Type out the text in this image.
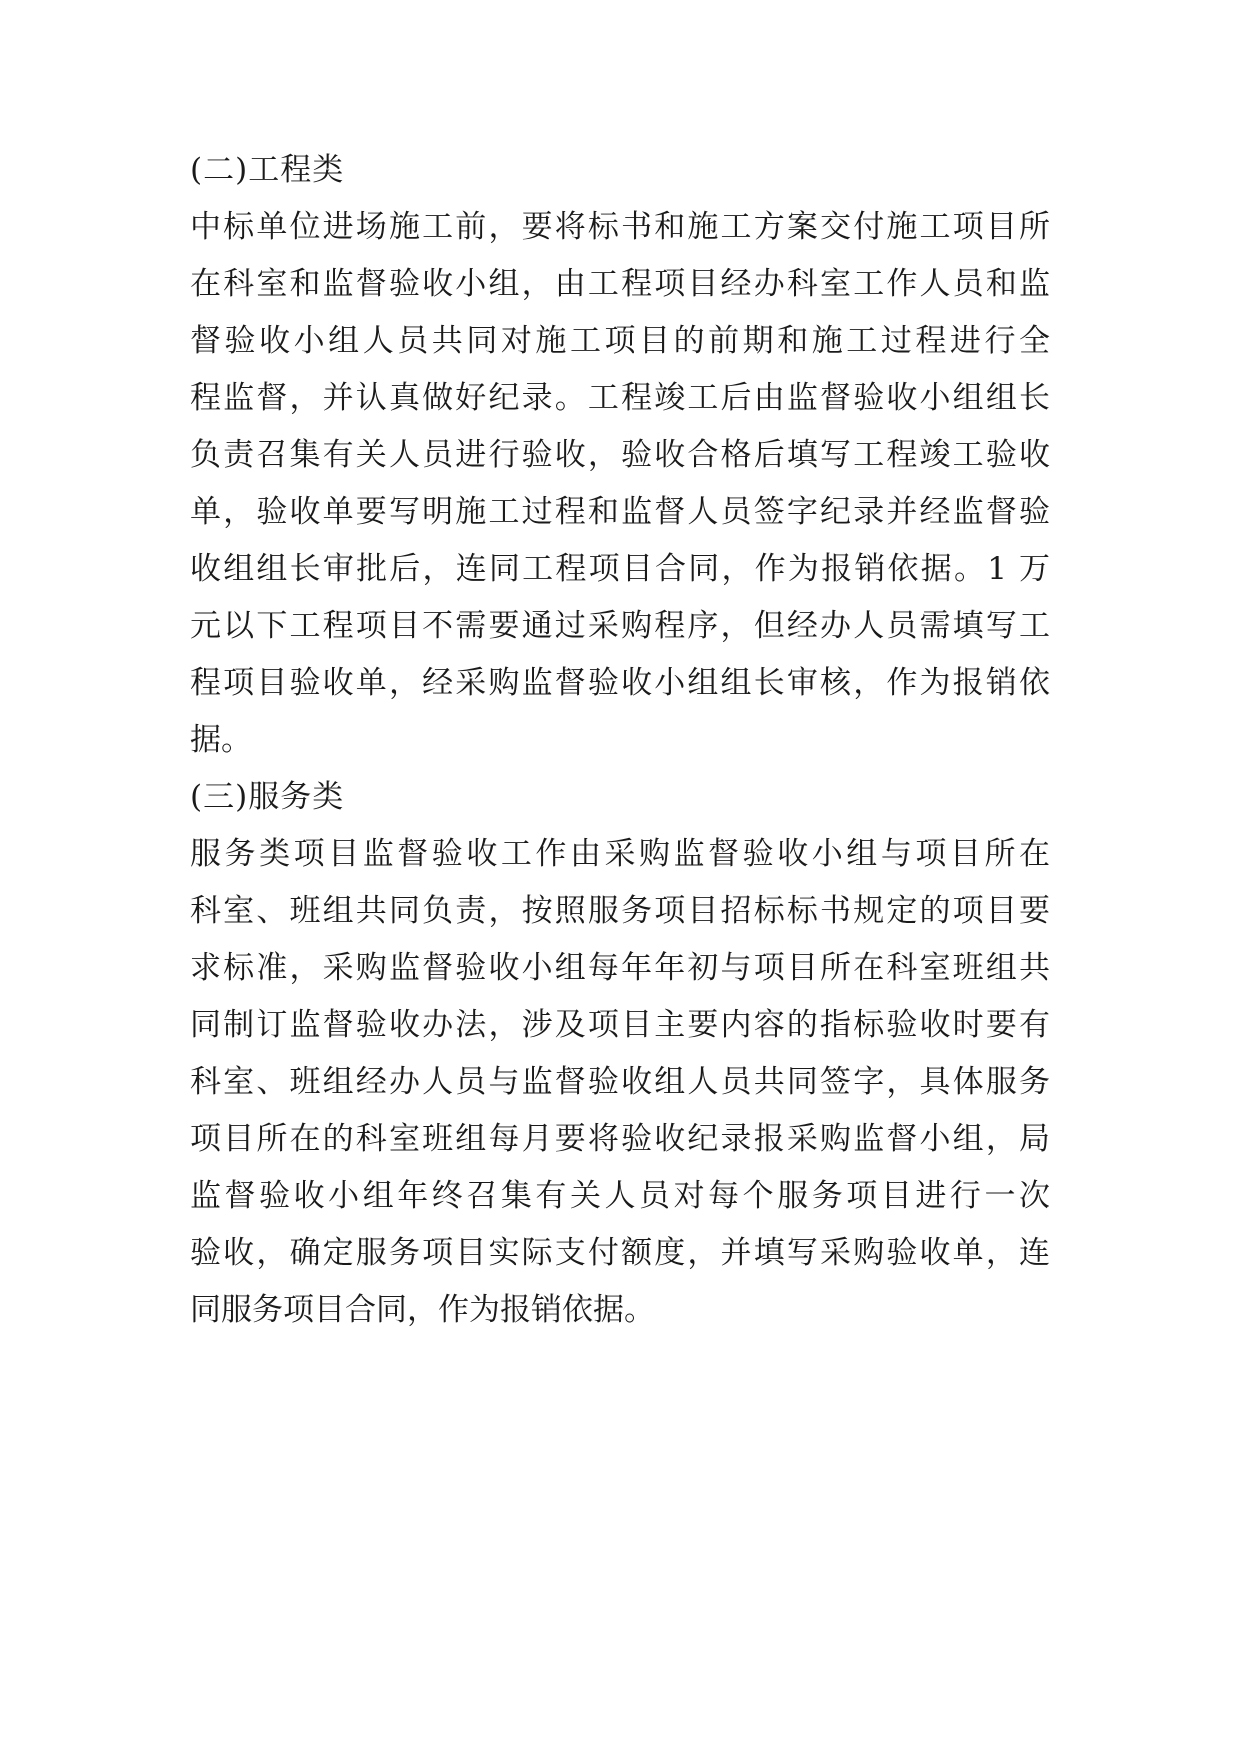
(二)工程类
中标单位进场施工前，要将标书和施工方案交付施工项目所
在科室和监督验收小组，由工程项目经办科室工作人员和监
督验收小组人员共同对施工项目的前期和施工过程进行全
程监督，并认真做好纪录。工程竣工后由监督验收小组组长
负责召集有关人员进行验收，验收合格后填写工程竣工验收
单，验收单要写明施工过程和监督人员签字纪录并经监督验
收组组长审批后，连同工程项目合同，作为报销依据。1 万
元以下工程项目不需要通过采购程序，但经办人员需填写工
程项目验收单，经采购监督验收小组组长审核，作为报销依
据。
(三)服务类
服务类项目监督验收工作由采购监督验收小组与项目所在
科室、班组共同负责，按照服务项目招标标书规定的项目要
求标准，采购监督验收小组每年年初与项目所在科室班组共
同制订监督验收办法，涉及项目主要内容的指标验收时要有
科室、班组经办人员与监督验收组人员共同签字，具体服务
项目所在的科室班组每月要将验收纪录报采购监督小组，局
监督验收小组年终召集有关人员对每个服务项目进行一次
验收，确定服务项目实际支付额度，并填写采购验收单，连
同服务项目合同，作为报销依据。
